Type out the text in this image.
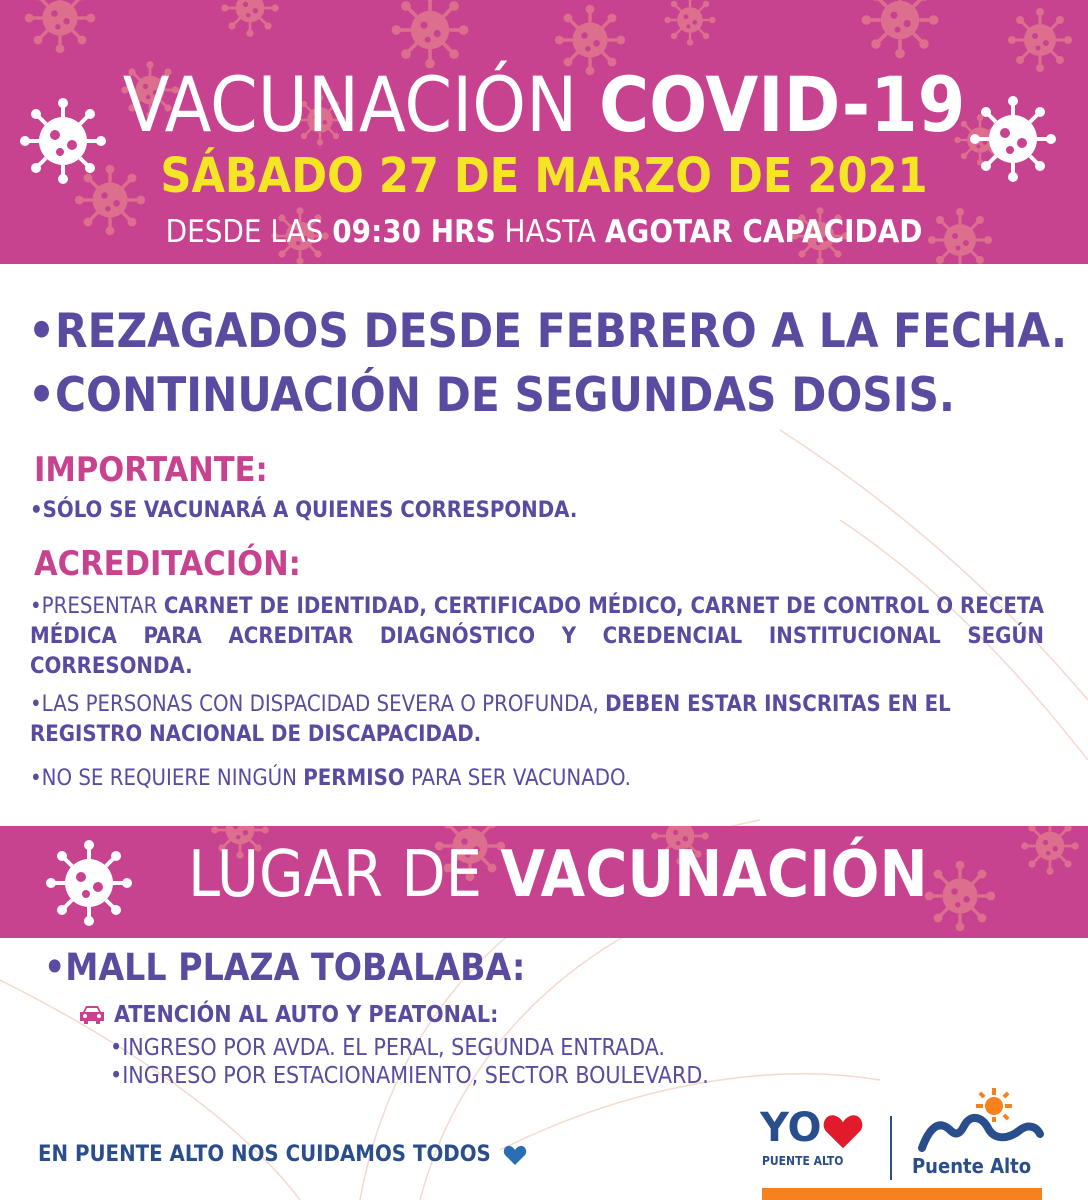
VACUNACIÓN COVID-19
SÁBADO 27 DE MARZO DE 2021
DESDE LAS 09:30 HRS HASTA AGOTAR CAPACIDAD
•REZAGADOS DESDE FEBRERO A LA FECHA.
•CONTINUACIÓN DE SEGUNDAS DOSIS.
IMPORTANTE:
•SÓLO SE VACUNARÁ A QUIENES CORRESPONDA.
ACREDITACIÓN:
•PRESENTAR CARNET DE IDENTIDAD, CERTIFICADO MÉDICO, CARNET DE CONTROL O RECETA MÉDICA PARA ACREDITAR DIAGNÓSTICO Y CREDENCIAL INSTITUCIONAL SEGÚN CORRESONDA.
•LAS PERSONAS CON DISPACIDAD SEVERA O PROFUNDA, DEBEN ESTAR INSCRITAS EN EL REGISTRO NACIONAL DE DISCAPACIDAD.
•NO SE REQUIERE NINGÚN PERMISO PARA SER VACUNADO.
LUGAR DE VACUNACIÓN
•MALL PLAZA TOBALABA:
ATENCIÓN AL AUTO Y PEATONAL:
•INGRESO POR AVDA. EL PERAL, SEGUNDA ENTRADA.
•INGRESO POR ESTACIONAMIENTO, SECTOR BOULEVARD.
EN PUENTE ALTO NOS CUIDAMOS TODOS
YO
PUENTE ALTO	Puente Alto
